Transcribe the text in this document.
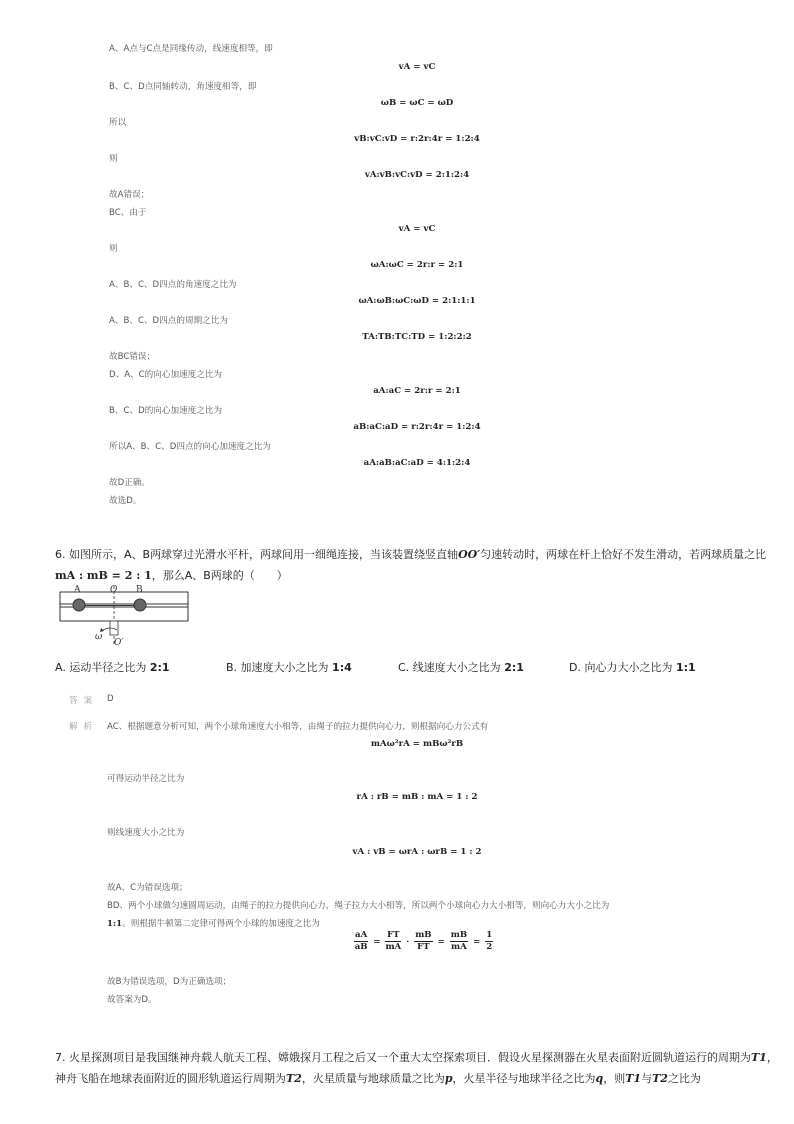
A、A点与C点是同缘传动，线速度相等，即
vA = vC
B、C、D点同轴转动，角速度相等，即
ωB = ωC = ωD
所以
vB:vC:vD = r:2r:4r = 1:2:4
则
vA:vB:vC:vD = 2:1:2:4
故A错误；
BC、由于
vA = vC
则
ωA:ωC = 2r:r = 2:1
A、B、C、D四点的角速度之比为
ωA:ωB:ωC:ωD = 2:1:1:1
A、B、C、D四点的周期之比为
TA:TB:TC:TD = 1:2:2:2
故BC错误；
D、A、C的向心加速度之比为
aA:aC = 2r:r = 2:1
B、C、D的向心加速度之比为
aB:aC:aD = r:2r:4r = 1:2:4
所以A、B、C、D四点的向心加速度之比为
aA:aB:aC:aD = 4:1:2:4
故D正确。
故选D。
6. 如图所示，A、B两球穿过光滑水平杆，两球间用一细绳连接，当该装置绕竖直轴OO′匀速转动时，两球在杆上恰好不发生滑动，若两球质量之比
mA : mB = 2 : 1，那么A、B两球的（　　）
A	O B
ω
O′
A. 运动半径之比为 2:1	B. 加速度大小之比为 1:4	C. 线速度大小之比为 2:1	D. 向心力大小之比为 1:1
答案 D
解析 AC、根据题意分析可知，两个小球角速度大小相等，由绳子的拉力提供向心力，则根据向心力公式有
mAω²rA = mBω²rB
可得运动半径之比为
rA : rB = mB : mA = 1 : 2
则线速度大小之比为
vA : vB = ωrA : ωrB = 1 : 2
故A、C为错误选项；
BD、两个小球做匀速圆周运动，由绳子的拉力提供向心力，绳子拉力大小相等，所以两个小球向心力大小相等，则向心力大小之比为
1:1。则根据牛顿第二定律可得两个小球的加速度之比为
$\frac{aA}{aB} = \frac{FT}{mA} \cdot \frac{mB}{FT} = \frac{mB}{mA} = \frac{1}{2}$
故B为错误选项，D为正确选项；
故答案为D。
7. 火星探测项目是我国继神舟载人航天工程、嫦娥探月工程之后又一个重大太空探索项目．假设火星探测器在火星表面附近圆轨道运行的周期为T1，
神舟飞船在地球表面附近的圆形轨道运行周期为T2，火星质量与地球质量之比为p，火星半径与地球半径之比为q，则T1与T2之比为
